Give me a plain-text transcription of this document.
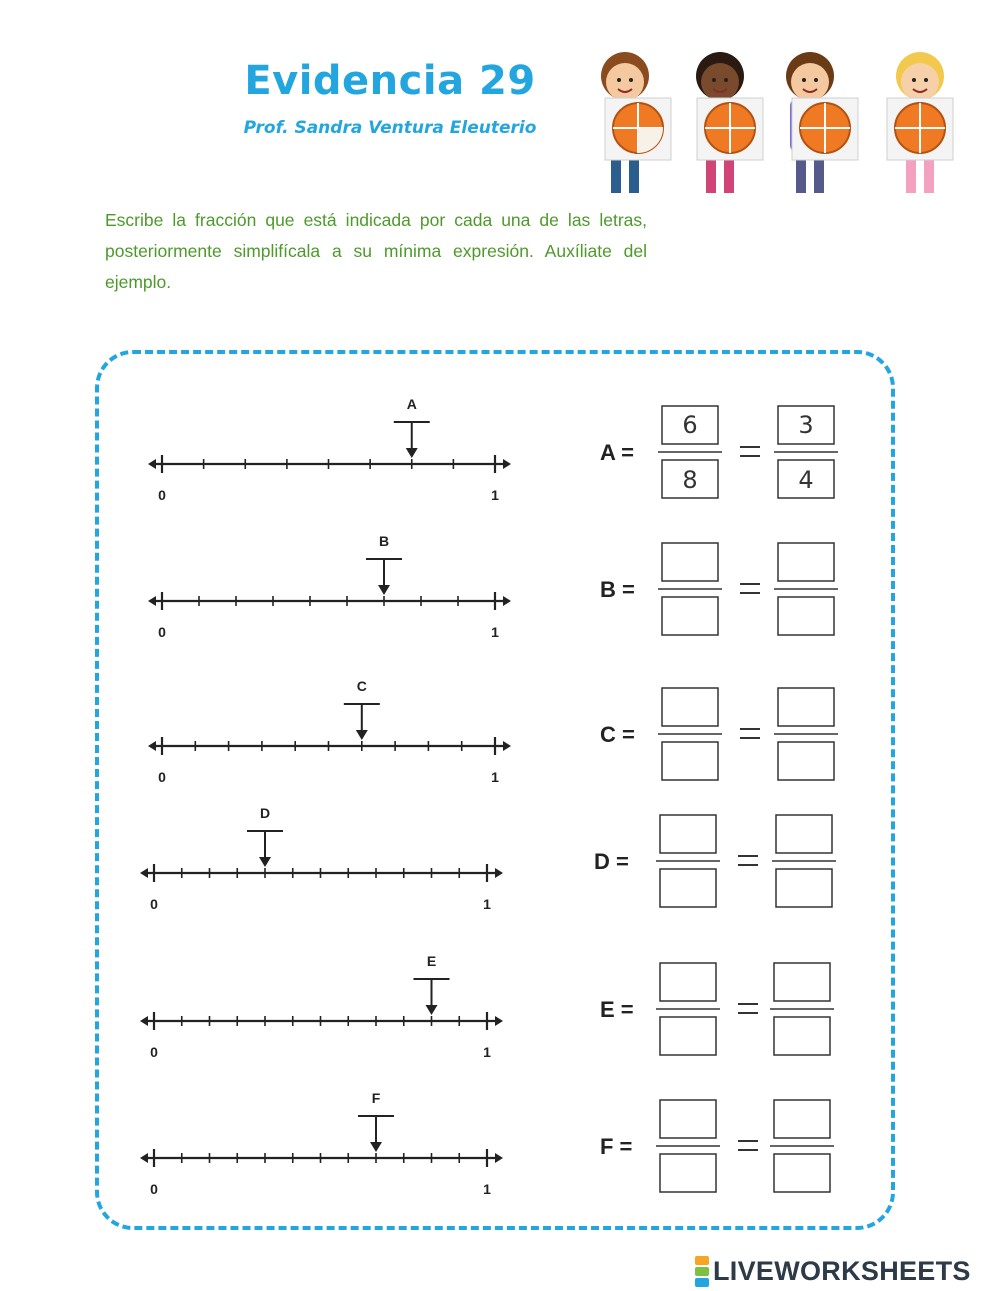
Evidencia 29
Prof. Sandra Ventura Eleuterio
Escribe la fracción que está indicada por cada una de las letras, posteriormente simplifícala a su mínima expresión. Auxíliate del ejemplo.
0	1
A
A =
6
8
3
4
0	1
B
B =
0	1
C
C =
0	1
D
D =
0	1
E
E =
0	1
F
F =
LIVEWORKSHEETS
